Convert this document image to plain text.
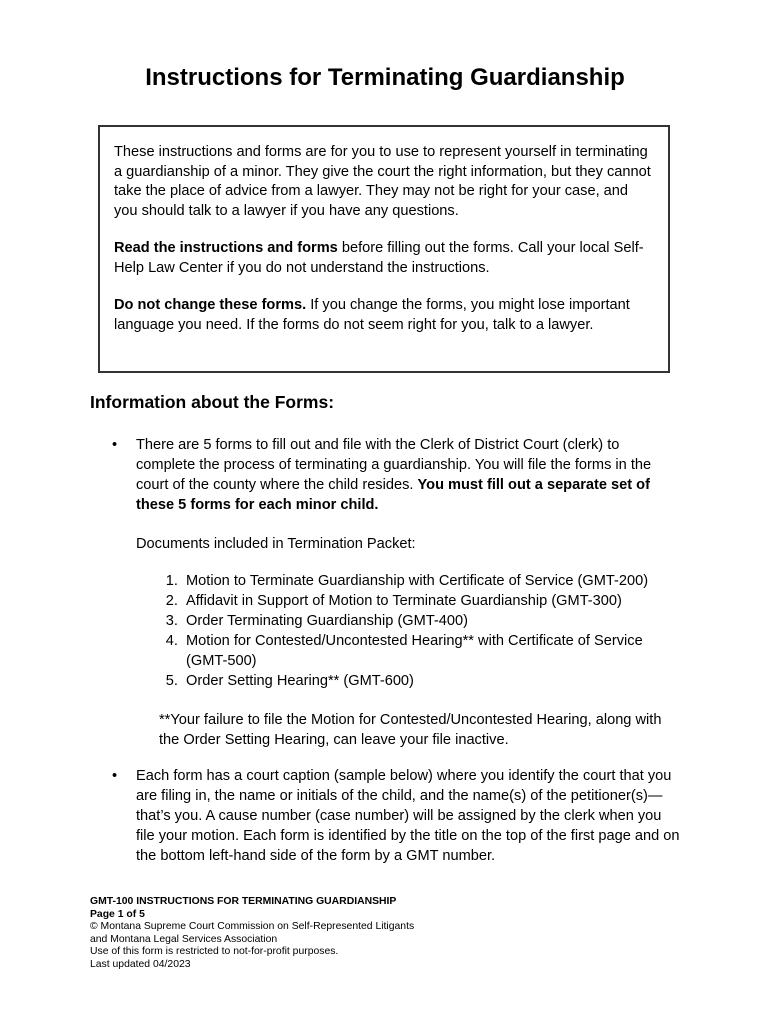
Instructions for Terminating Guardianship

These instructions and forms are for you to use to represent yourself in terminating a guardianship of a minor. They give the court the right information, but they cannot take the place of advice from a lawyer. They may not be right for your case, and you should talk to a lawyer if you have any questions.

Read the instructions and forms before filling out the forms. Call your local Self-Help Law Center if you do not understand the instructions.

Do not change these forms. If you change the forms, you might lose important language you need. If the forms do not seem right for you, talk to a lawyer.

Information about the Forms:
• There are 5 forms to fill out and file with the Clerk of District Court (clerk) to complete the process of terminating a guardianship. You will file the forms in the court of the county where the child resides. You must fill out a separate set of these 5 forms for each minor child.

Documents included in Termination Packet:

1. Motion to Terminate Guardianship with Certificate of Service (GMT-200)
2. Affidavit in Support of Motion to Terminate Guardianship (GMT-300)
3. Order Terminating Guardianship (GMT-400)
4. Motion for Contested/Uncontested Hearing** with Certificate of Service (GMT-500)
5. Order Setting Hearing** (GMT-600)

**Your failure to file the Motion for Contested/Uncontested Hearing, along with the Order Setting Hearing, can leave your file inactive.

• Each form has a court caption (sample below) where you identify the court that you are filing in, the name or initials of the child, and the name(s) of the petitioner(s)—that’s you. A cause number (case number) will be assigned by the clerk when you file your motion. Each form is identified by the title on the top of the first page and on the bottom left-hand side of the form by a GMT number.

GMT-100 INSTRUCTIONS FOR TERMINATING GUARDIANSHIP
Page 1 of 5
© Montana Supreme Court Commission on Self-Represented Litigants
and Montana Legal Services Association
Use of this form is restricted to not-for-profit purposes.
Last updated 04/2023
